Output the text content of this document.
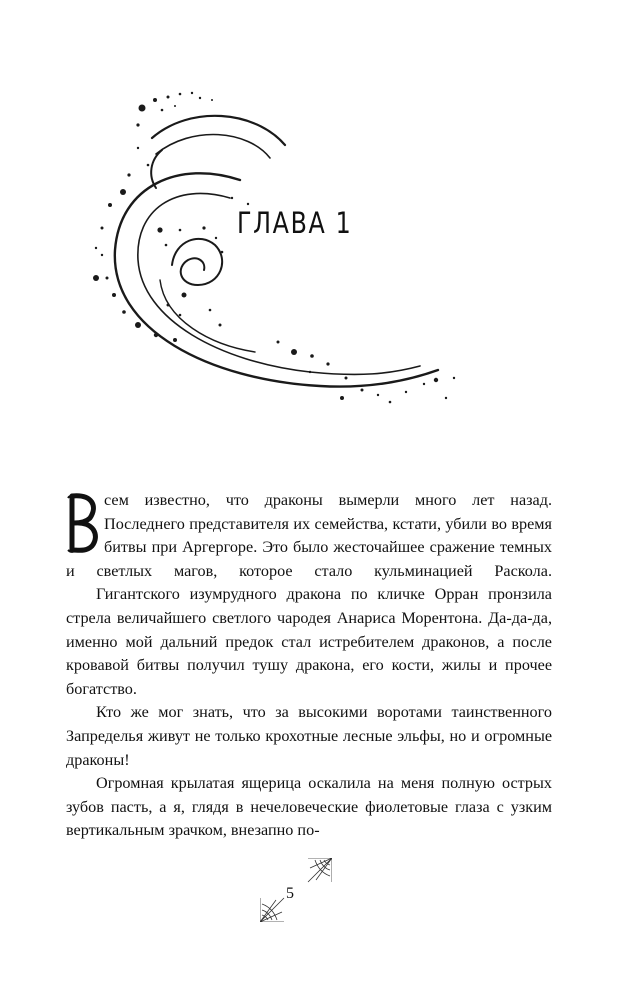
ГЛАВА 1

сем известно, что драконы вымерли много лет назад. Последнего представителя их семейства, кстати, убили во время битвы при Аргергоре. Это было жесточайшее сражение темных и светлых магов, которое стало кульминацией Раскола.

Гигантского изумрудного дракона по кличке Орран пронзила стрела величайшего светлого чародея Анариса Морентона. Да-да-да, именно мой дальний предок стал истребителем драконов, а после кровавой битвы получил тушу дракона, его кости, жилы и прочее богатство.

Кто же мог знать, что за высокими воротами таинственного Запределья живут не только крохотные лесные эльфы, но и огромные драконы!

Огромная крылатая ящерица оскалила на меня полную острых зубов пасть, а я, глядя в нечеловеческие фиолетовые глаза с узким вертикальным зрачком, внезапно по-

5
